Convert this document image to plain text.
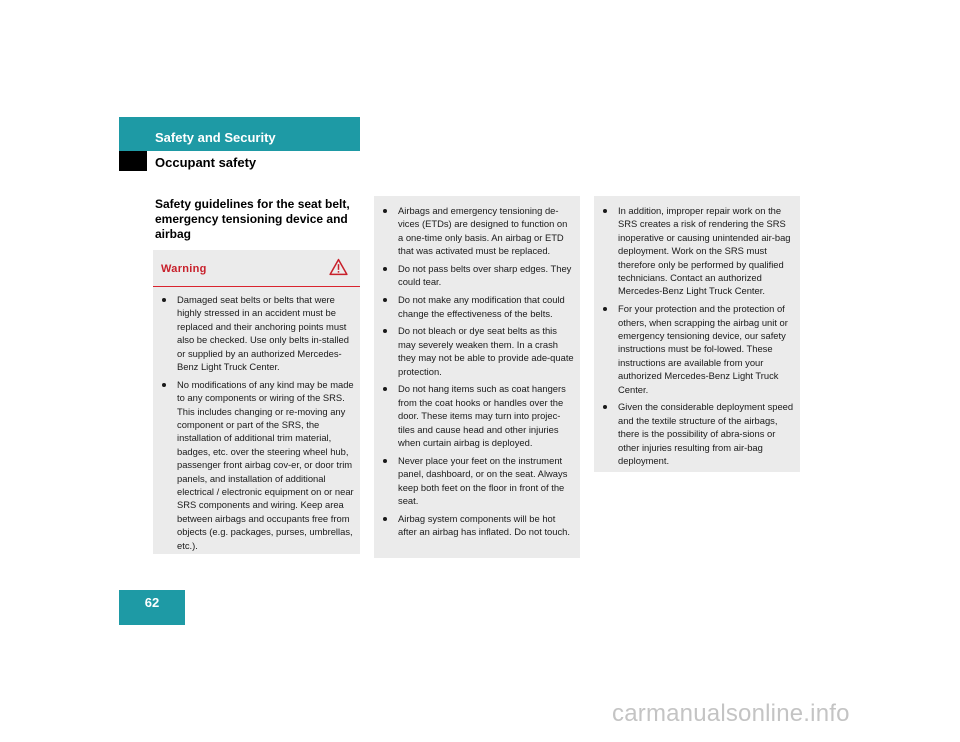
Safety and Security
Occupant safety
Safety guidelines for the seat belt, emergency tensioning device and airbag
Warning
Damaged seat belts or belts that were highly stressed in an accident must be replaced and their anchoring points must also be checked. Use only belts in-stalled or supplied by an authorized Mercedes-Benz Light Truck Center.
No modifications of any kind may be made to any components or wiring of the SRS. This includes changing or re-moving any component or part of the SRS, the installation of additional trim material, badges, etc. over the steering wheel hub, passenger front airbag cov-er, or door trim panels, and installation of additional electrical / electronic equipment on or near SRS components and wiring. Keep area between airbags and occupants free from objects (e.g. packages, purses, umbrellas, etc.).
Airbags and emergency tensioning de-vices (ETDs) are designed to function on a one-time only basis. An airbag or ETD that was activated must be replaced.
Do not pass belts over sharp edges. They could tear.
Do not make any modification that could change the effectiveness of the belts.
Do not bleach or dye seat belts as this may severely weaken them. In a crash they may not be able to provide ade-quate protection.
Do not hang items such as coat hangers from the coat hooks or handles over the door. These items may turn into projec-tiles and cause head and other injuries when curtain airbag is deployed.
Never place your feet on the instrument panel, dashboard, or on the seat. Always keep both feet on the floor in front of the seat.
Airbag system components will be hot after an airbag has inflated. Do not touch.
In addition, improper repair work on the SRS creates a risk of rendering the SRS inoperative or causing unintended air-bag deployment. Work on the SRS must therefore only be performed by qualified technicians. Contact an authorized Mercedes-Benz Light Truck Center.
For your protection and the protection of others, when scrapping the airbag unit or emergency tensioning device, our safety instructions must be fol-lowed. These instructions are available from your authorized Mercedes-Benz Light Truck Center.
Given the considerable deployment speed and the textile structure of the airbags, there is the possibility of abra-sions or other injuries resulting from air-bag deployment.
62
carmanualsonline.info
